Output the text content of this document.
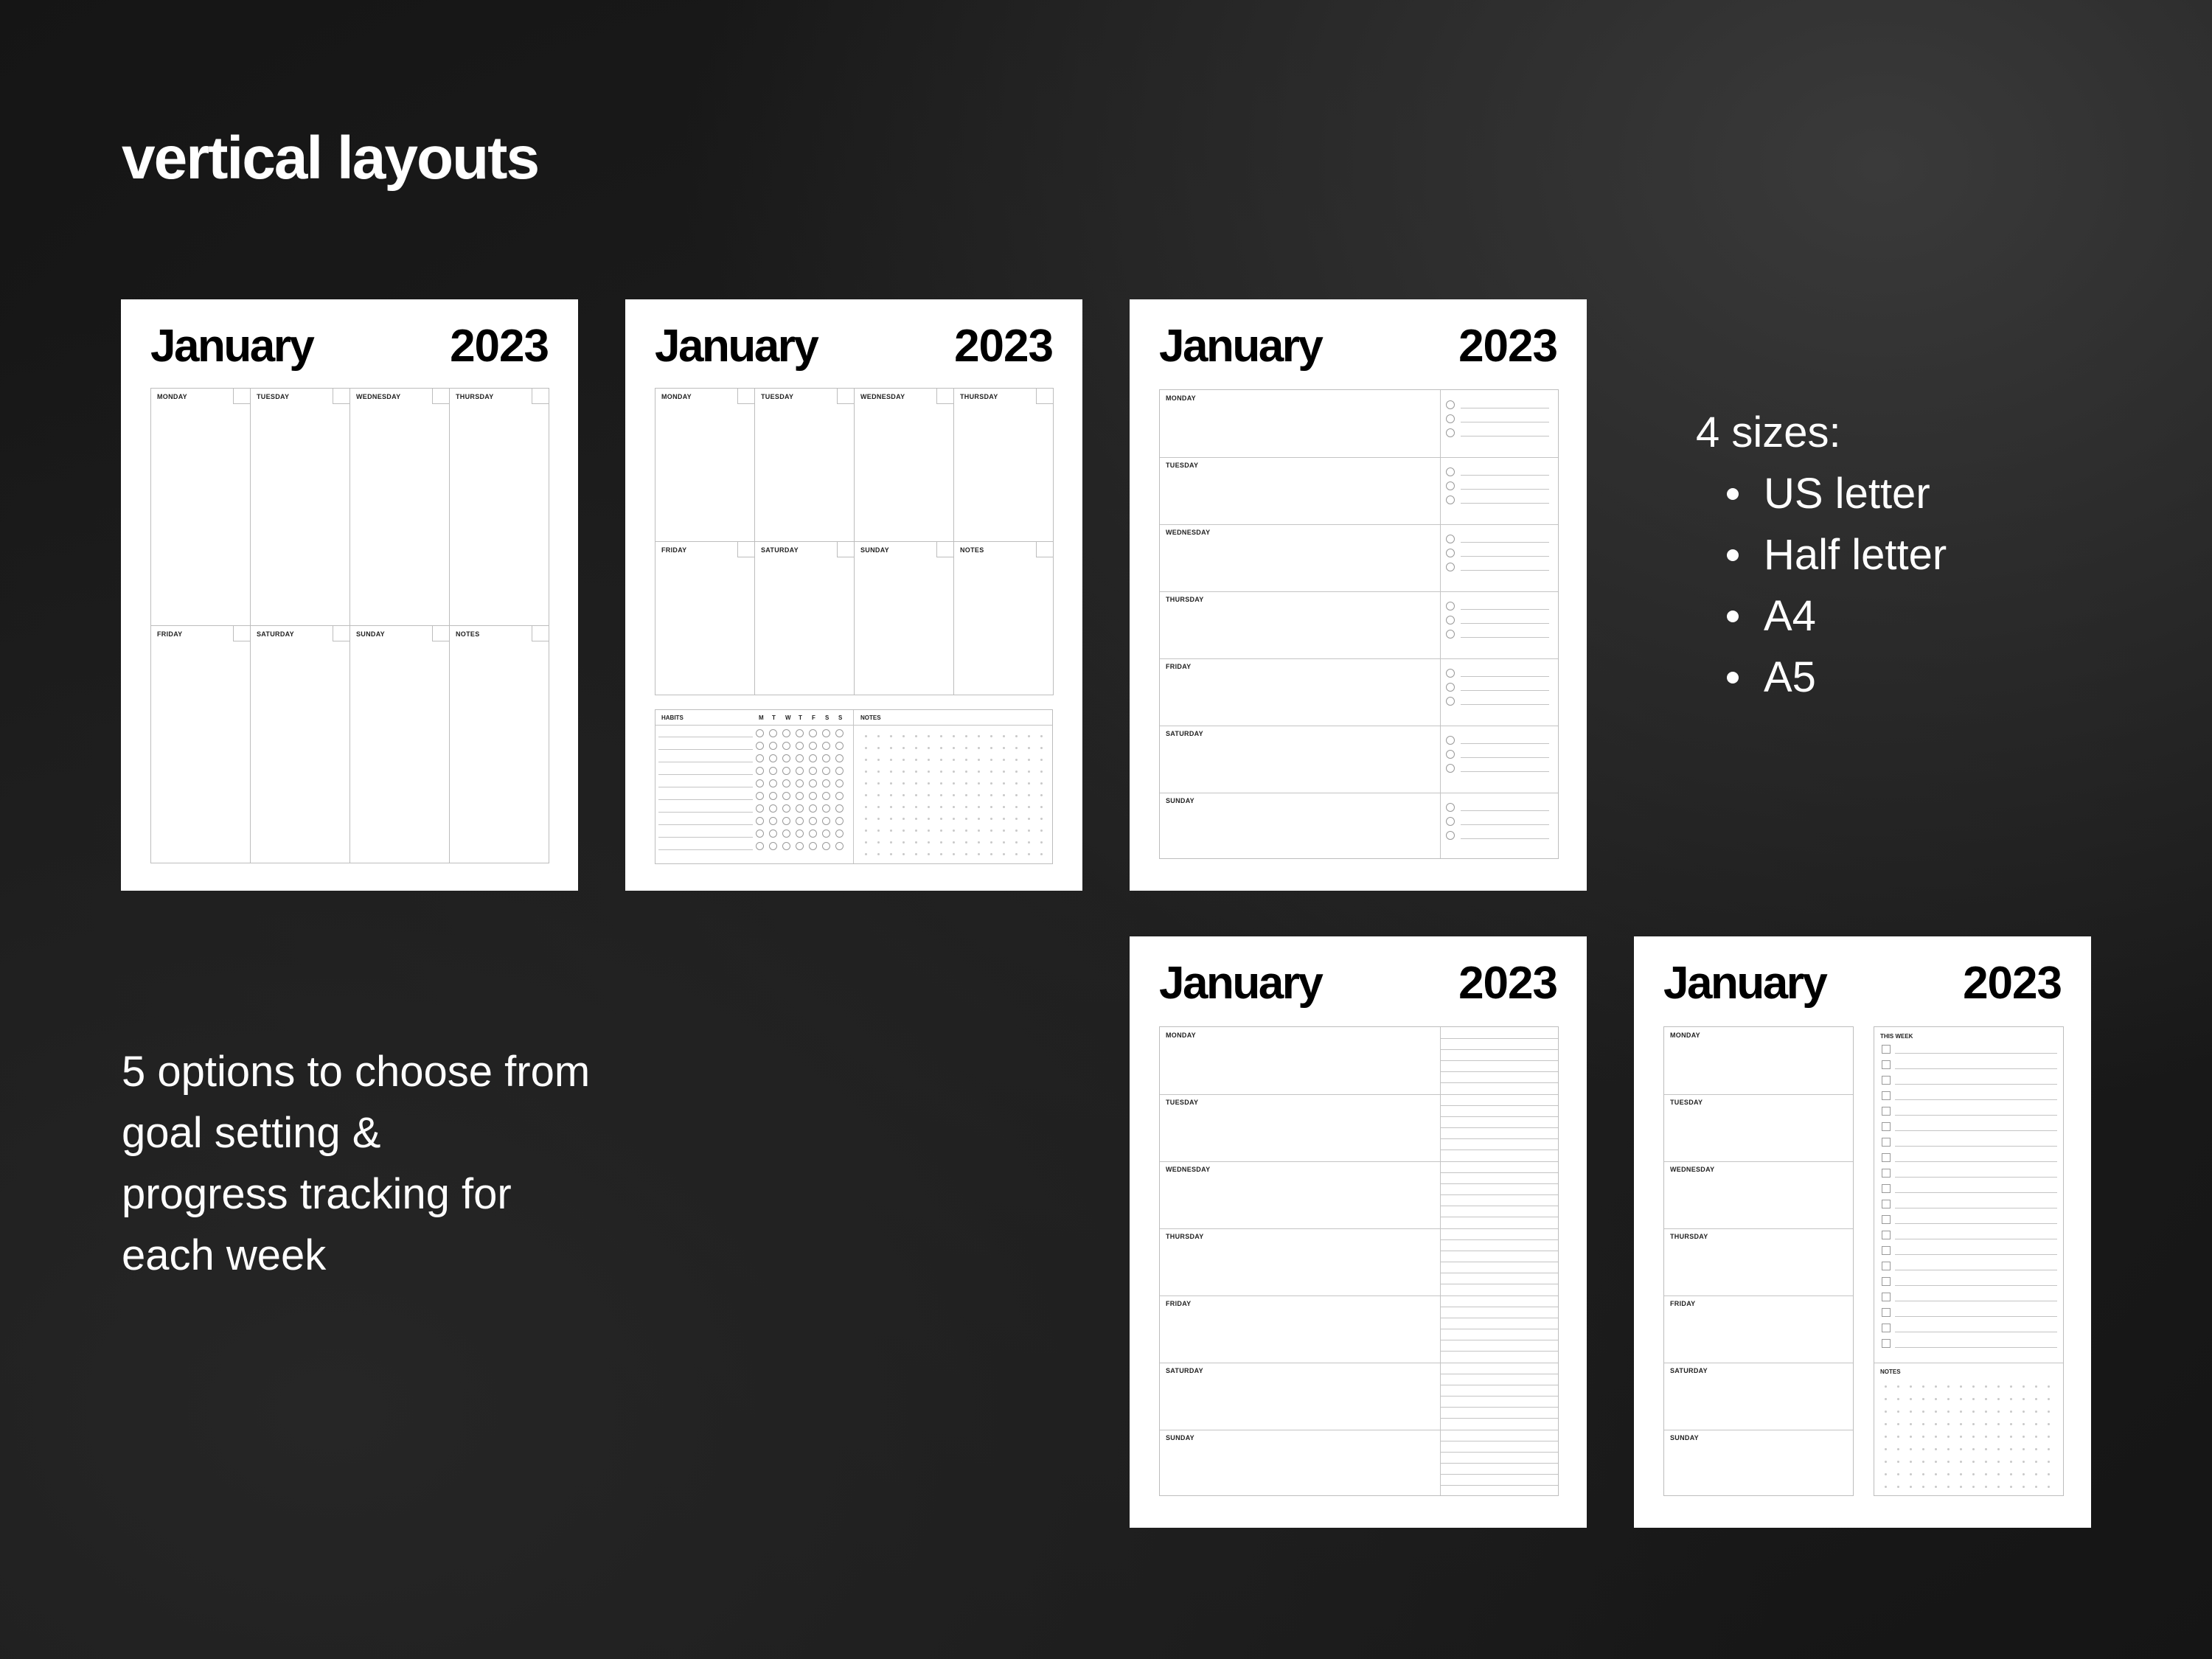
vertical layouts
4 sizes:
US letter
Half letter
A4
A5
5 options to choose from
goal setting &
progress tracking for
each week
January	2023
MONDAY	TUESDAY	WEDNESDAY	THURSDAY
FRIDAY	SATURDAY	SUNDAY	NOTES
January	2023
MONDAY	TUESDAY	WEDNESDAY	THURSDAY
FRIDAY	SATURDAY	SUNDAY	NOTES
HABITS	NOTES
M T W T F S S
January	2023
MONDAY
TUESDAY
WEDNESDAY
THURSDAY
FRIDAY
SATURDAY
SUNDAY
January	2023
MONDAY
TUESDAY
WEDNESDAY
THURSDAY
FRIDAY
SATURDAY
SUNDAY
January	2023
MONDAY
TUESDAY
WEDNESDAY
THURSDAY
FRIDAY
SATURDAY
SUNDAY
THIS WEEK
NOTES
